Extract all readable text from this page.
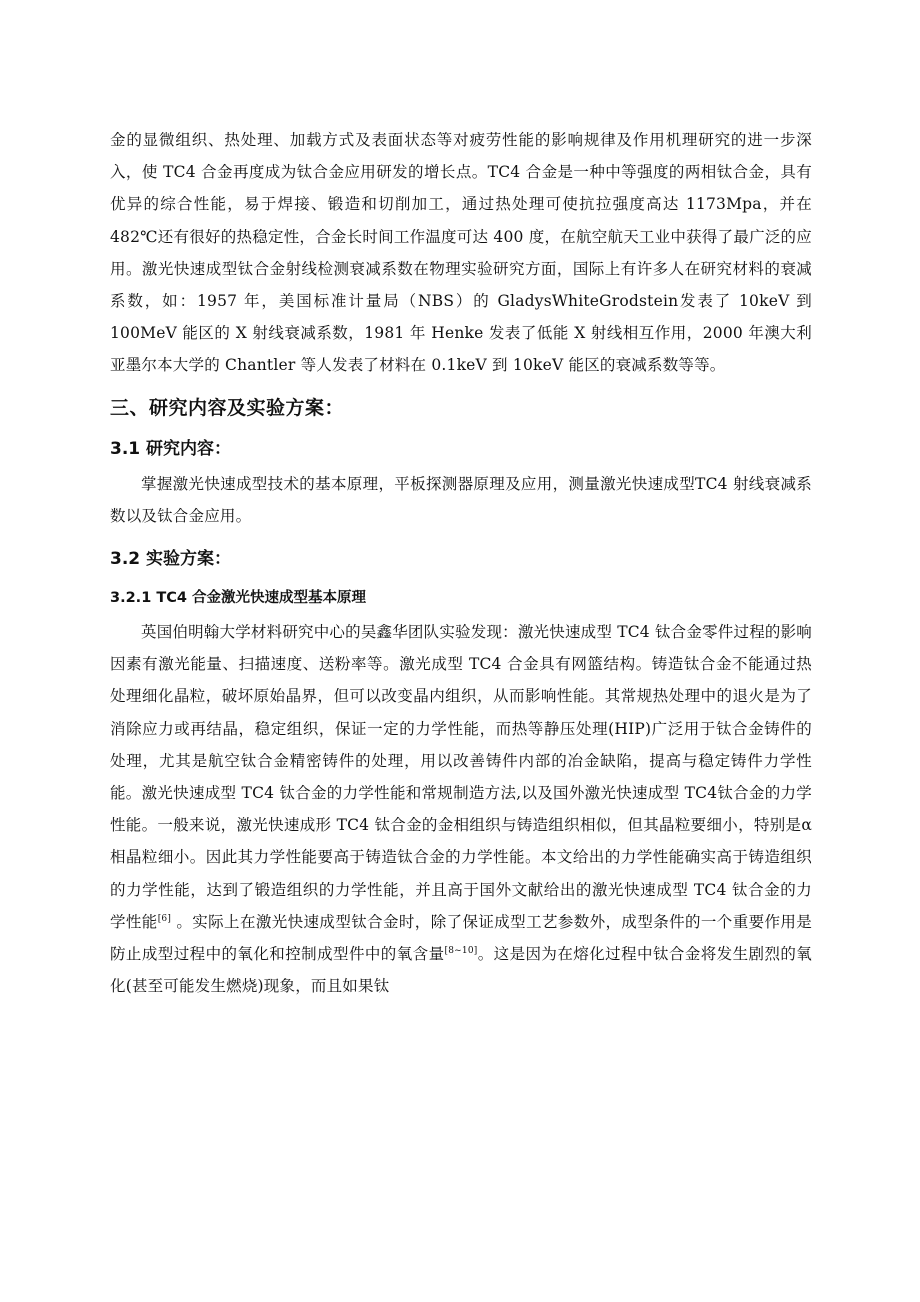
金的显微组织、热处理、加载方式及表面状态等对疲劳性能的影响规律及作用机理研究的进一步深入，使 TC4 合金再度成为钛合金应用研发的增长点。TC4 合金是一种中等强度的两相钛合金，具有优异的综合性能，易于焊接、锻造和切削加工，通过热处理可使抗拉强度高达 1173Mpa，并在 482℃还有很好的热稳定性，合金长时间工作温度可达 400 度，在航空航天工业中获得了最广泛的应用。激光快速成型钛合金射线检测衰减系数在物理实验研究方面，国际上有许多人在研究材料的衰减系数，如：1957 年，美国标准计量局（NBS）的 GladysWhiteGrodstein发表了 10keV 到 100MeV 能区的 X 射线衰减系数，1981 年 Henke 发表了低能 X 射线相互作用，2000 年澳大利亚墨尔本大学的 Chantler 等人发表了材料在 0.1keV 到 10keV 能区的衰减系数等等。

三、研究内容及实验方案：
3.1 研究内容：

掌握激光快速成型技术的基本原理，平板探测器原理及应用，测量激光快速成型TC4 射线衰减系数以及钛合金应用。

3.2 实验方案：
3.2.1 TC4 合金激光快速成型基本原理

英国伯明翰大学材料研究中心的吴鑫华团队实验发现：激光快速成型 TC4 钛合金零件过程的影响因素有激光能量、扫描速度、送粉率等。激光成型 TC4 合金具有网篮结构。铸造钛合金不能通过热处理细化晶粒，破坏原始晶界，但可以改变晶内组织，从而影响性能。其常规热处理中的退火是为了消除应力或再结晶，稳定组织，保证一定的力学性能，而热等静压处理(HIP)广泛用于钛合金铸件的处理，尤其是航空钛合金精密铸件的处理，用以改善铸件内部的冶金缺陷，提高与稳定铸件力学性能。激光快速成型 TC4 钛合金的力学性能和常规制造方法,以及国外激光快速成型 TC4钛合金的力学性能。一般来说，激光快速成形 TC4 钛合金的金相组织与铸造组织相似，但其晶粒要细小，特别是α 相晶粒细小。因此其力学性能要高于铸造钛合金的力学性能。本文给出的力学性能确实高于铸造组织的力学性能，达到了锻造组织的力学性能，并且高于国外文献给出的激光快速成型 TC4 钛合金的力学性能[6] 。实际上在激光快速成型钛合金时，除了保证成型工艺参数外，成型条件的一个重要作用是防止成型过程中的氧化和控制成型件中的氧含量[8~10]。这是因为在熔化过程中钛合金将发生剧烈的氧化(甚至可能发生燃烧)现象，而且如果钛
